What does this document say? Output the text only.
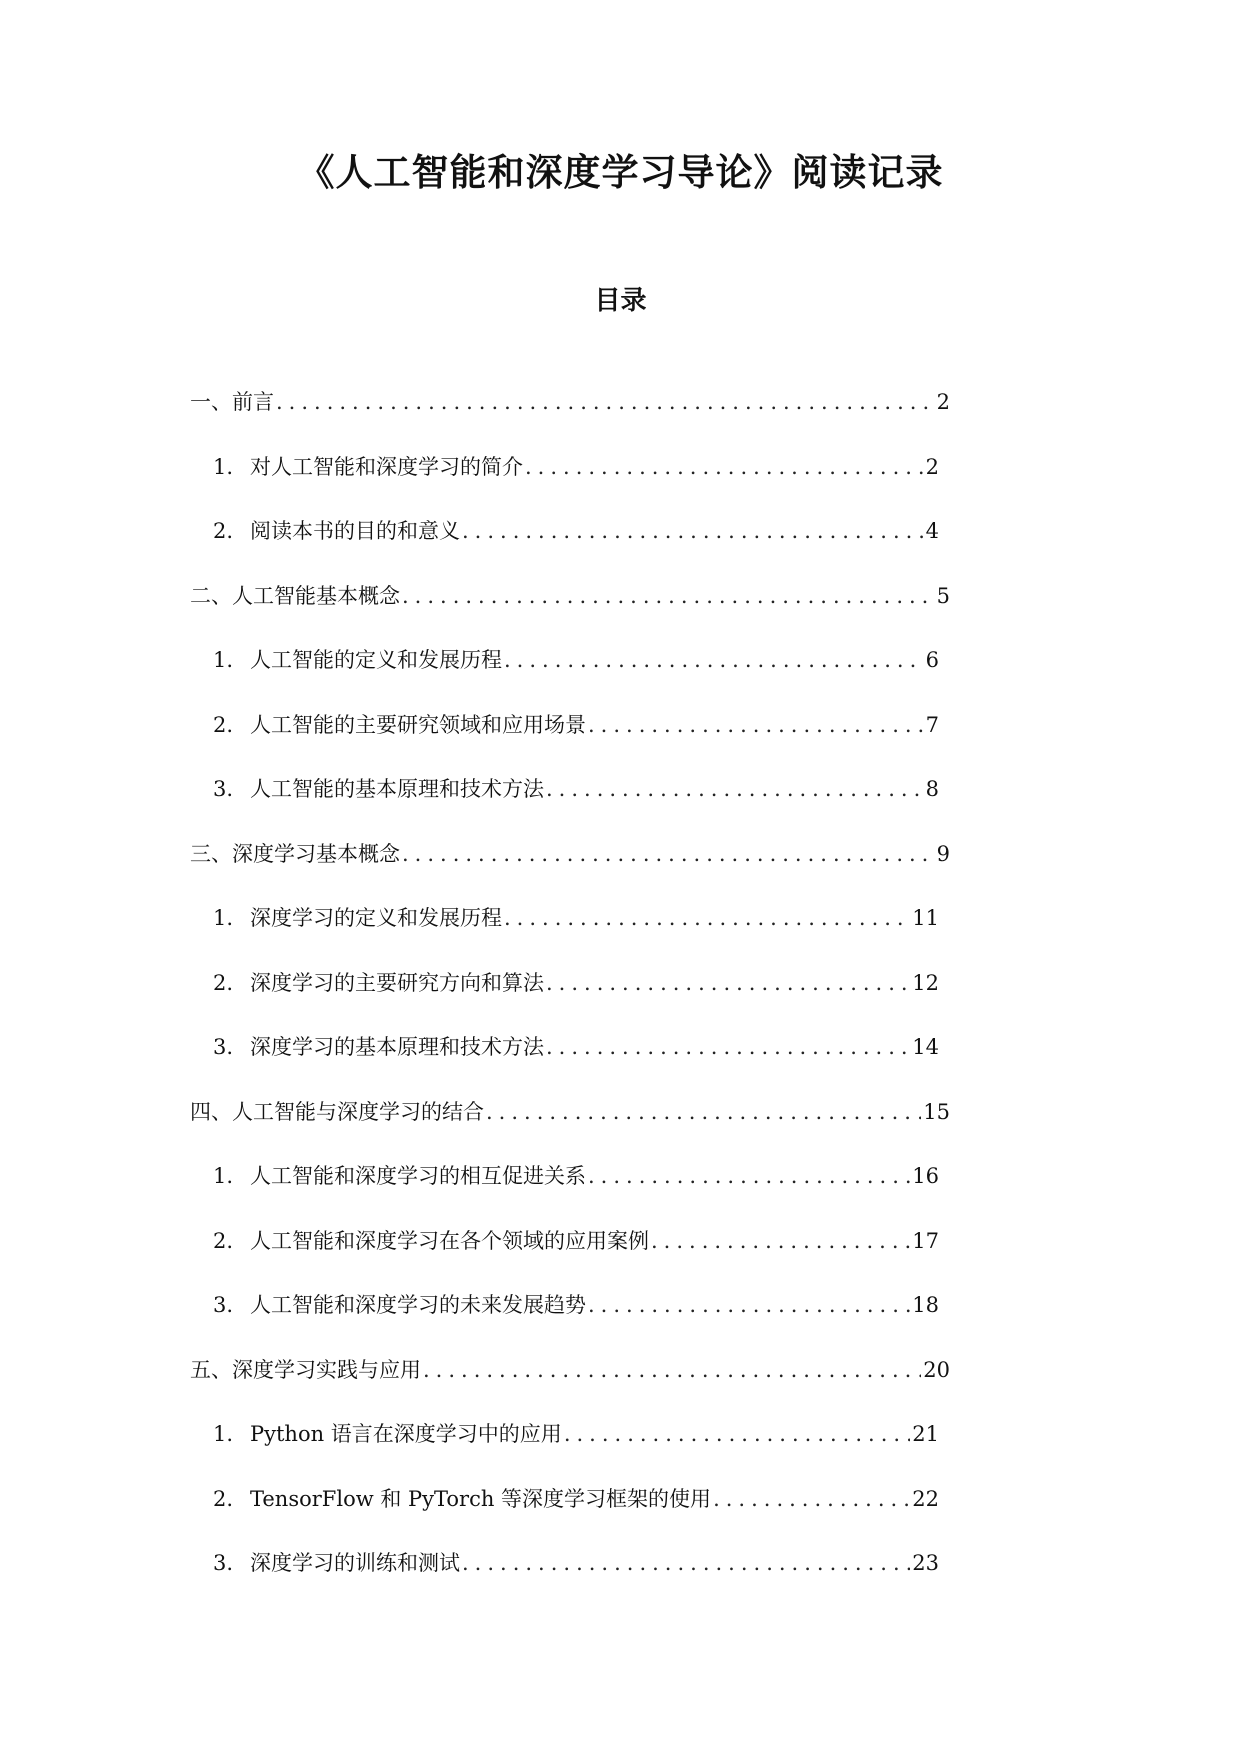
《人工智能和深度学习导论》阅读记录
目录
一、前言 .....	2
1. 对人工智能和深度学习的简介 .....	2
2. 阅读本书的目的和意义 .....	4
二、人工智能基本概念 .....	5
1. 人工智能的定义和发展历程 .....	6
2. 人工智能的主要研究领域和应用场景 .....	7
3. 人工智能的基本原理和技术方法 .....	8
三、深度学习基本概念 .....	9
1. 深度学习的定义和发展历程 .....	11
2. 深度学习的主要研究方向和算法 .....	12
3. 深度学习的基本原理和技术方法 .....	14
四、人工智能与深度学习的结合 .....	15
1. 人工智能和深度学习的相互促进关系 .....	16
2. 人工智能和深度学习在各个领域的应用案例 .....	17
3. 人工智能和深度学习的未来发展趋势 .....	18
五、深度学习实践与应用 .....	20
1. Python 语言在深度学习中的应用 .....	21
2. TensorFlow 和 PyTorch 等深度学习框架的使用 .....	22
3. 深度学习的训练和测试 .....	23
